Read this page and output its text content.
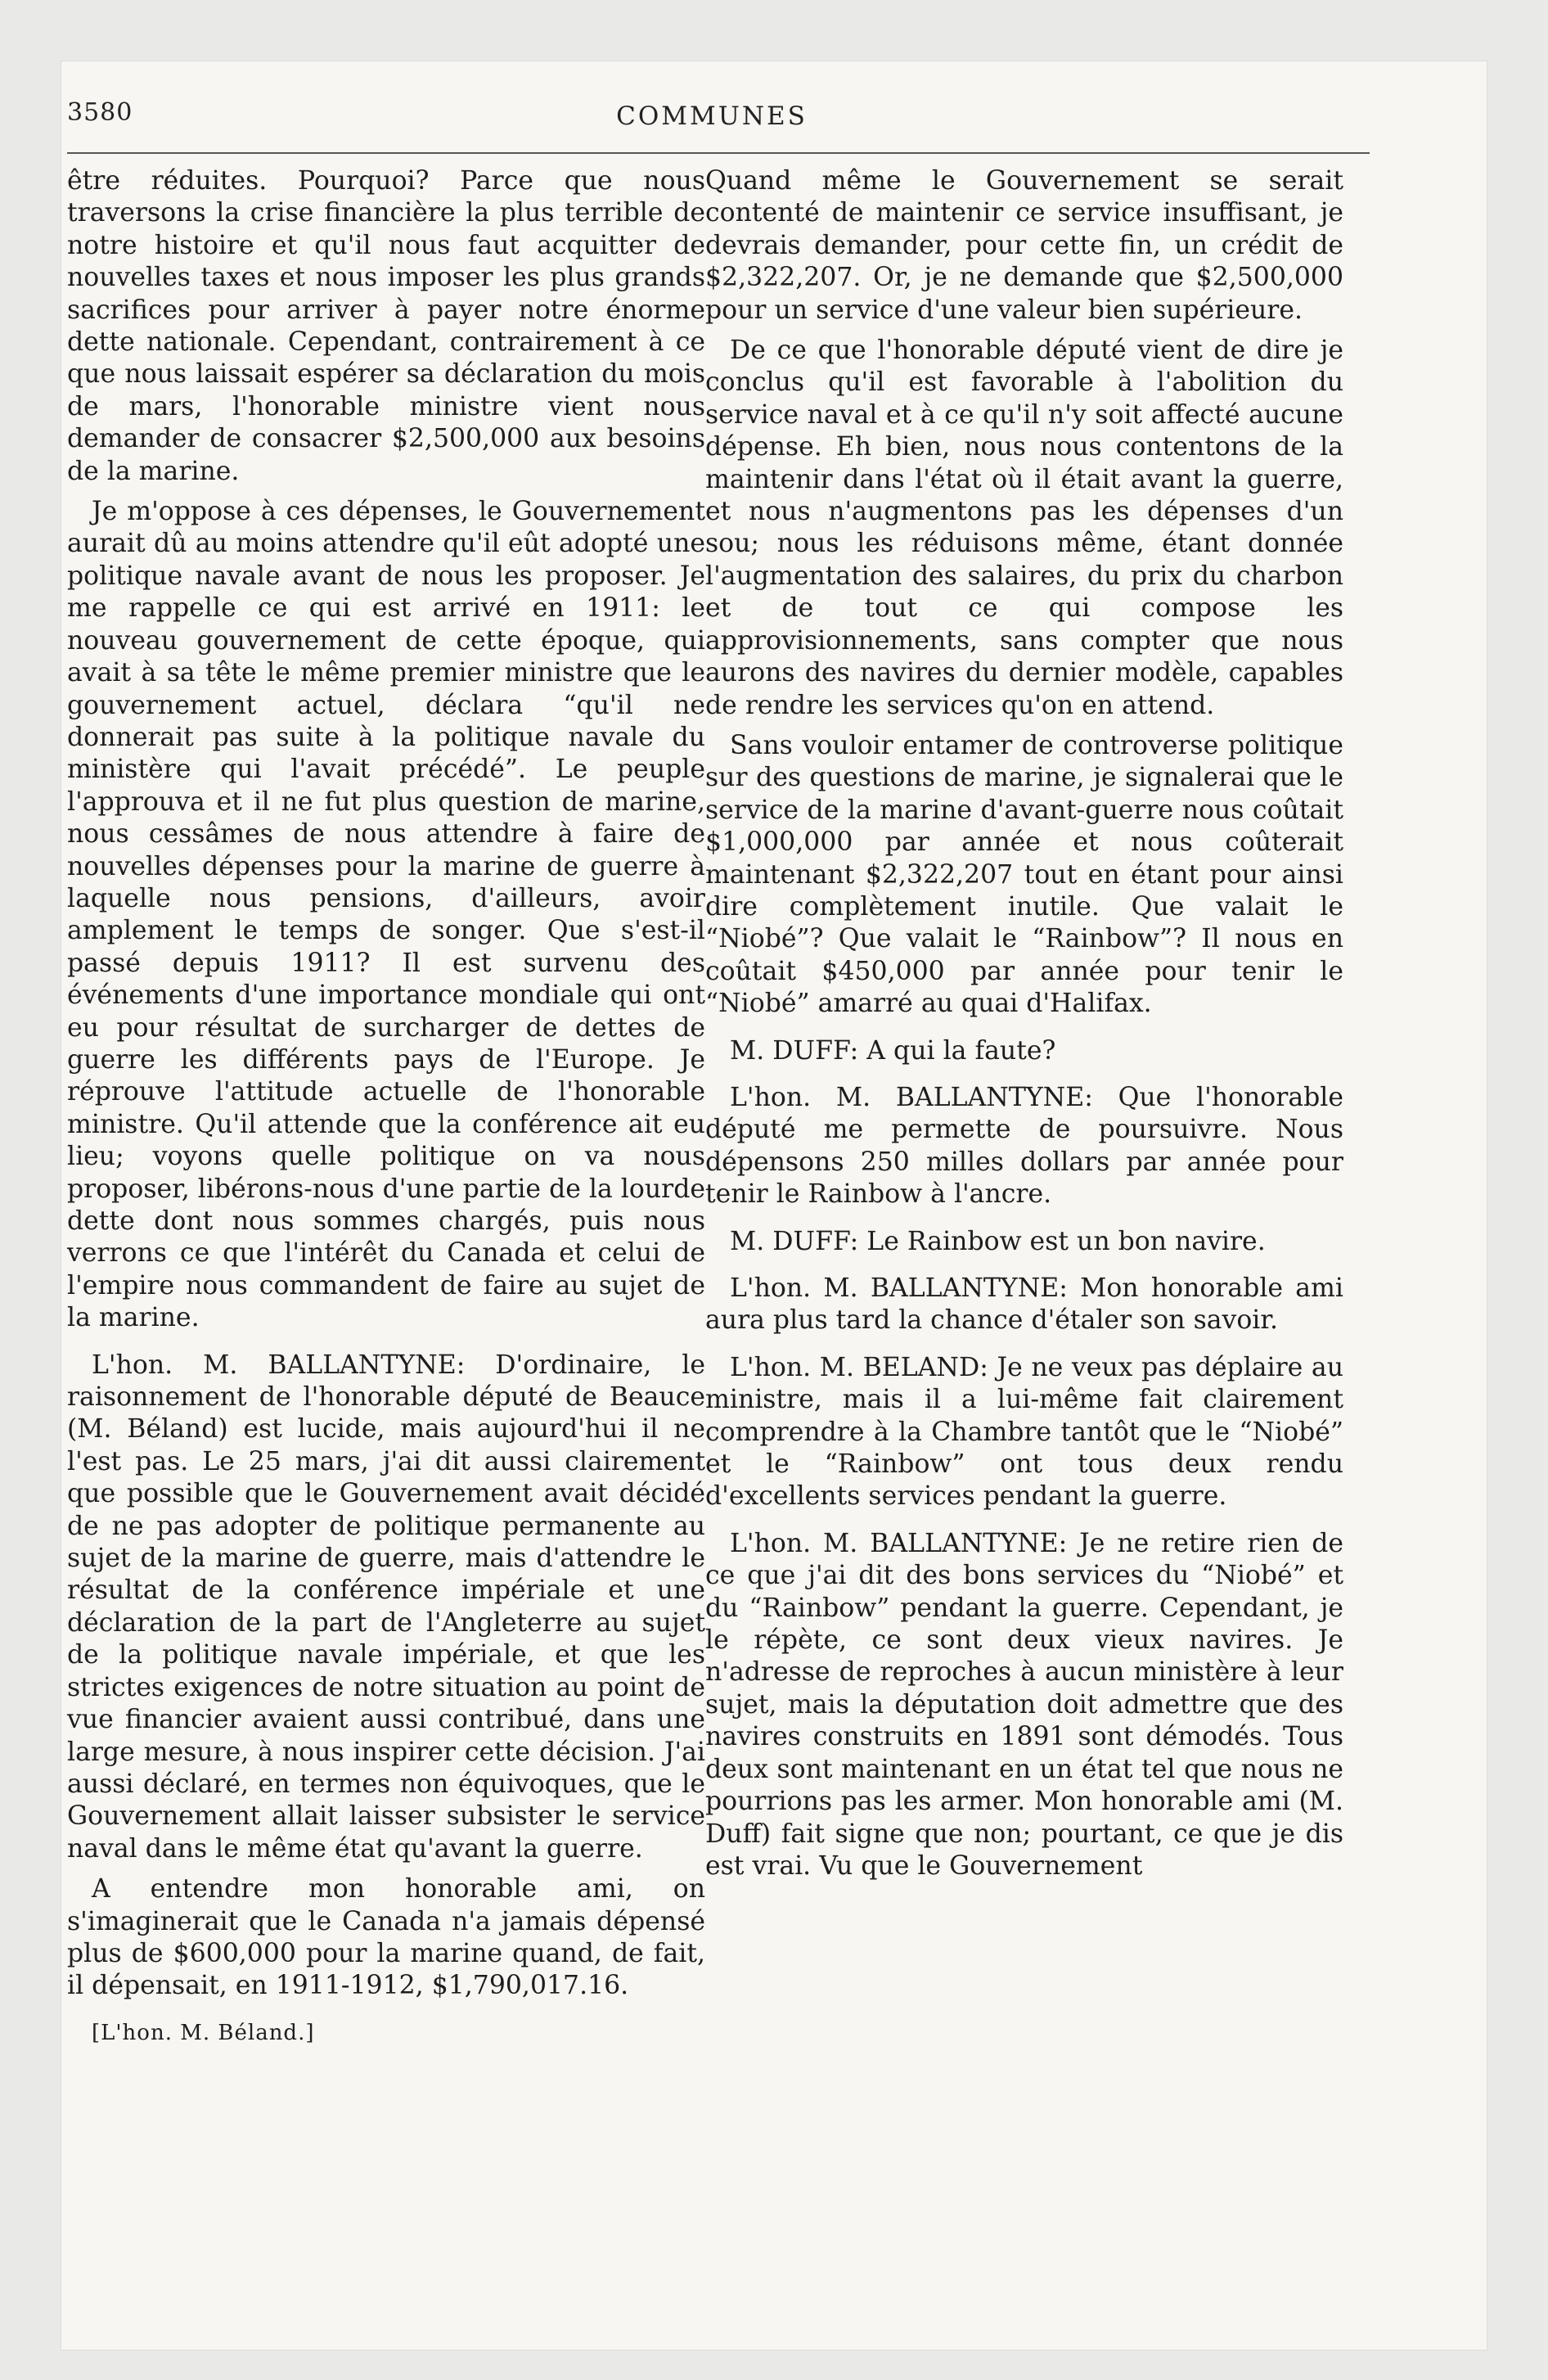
3580	COMMUNES

être réduites. Pourquoi? Parce que nous traversons la crise financière la plus terrible de notre histoire et qu'il nous faut acquitter de nouvelles taxes et nous imposer les plus grands sacrifices pour arriver à payer notre énorme dette nationale. Cependant, contrairement à ce que nous laissait espérer sa déclaration du mois de mars, l'honorable ministre vient nous demander de consacrer $2,500,000 aux besoins de la marine.

Je m'oppose à ces dépenses, le Gouvernement aurait dû au moins attendre qu'il eût adopté une politique navale avant de nous les proposer. Je me rappelle ce qui est arrivé en 1911: le nouveau gouvernement de cette époque, qui avait à sa tête le même premier ministre que le gouvernement actuel, déclara “qu'il ne donnerait pas suite à la politique navale du ministère qui l'avait précédé”. Le peuple l'approuva et il ne fut plus question de marine, nous cessâmes de nous attendre à faire de nouvelles dépenses pour la marine de guerre à laquelle nous pensions, d'ailleurs, avoir amplement le temps de songer. Que s'est-il passé depuis 1911? Il est survenu des événements d'une importance mondiale qui ont eu pour résultat de surcharger de dettes de guerre les différents pays de l'Europe. Je réprouve l'attitude actuelle de l'honorable ministre. Qu'il attende que la conférence ait eu lieu; voyons quelle politique on va nous proposer, libérons-nous d'une partie de la lourde dette dont nous sommes chargés, puis nous verrons ce que l'intérêt du Canada et celui de l'empire nous commandent de faire au sujet de la marine.

L'hon. M. BALLANTYNE: D'ordinaire, le raisonnement de l'honorable député de Beauce (M. Béland) est lucide, mais aujourd'hui il ne l'est pas. Le 25 mars, j'ai dit aussi clairement que possible que le Gouvernement avait décidé de ne pas adopter de politique permanente au sujet de la marine de guerre, mais d'attendre le résultat de la conférence impériale et une déclaration de la part de l'Angleterre au sujet de la politique navale impériale, et que les strictes exigences de notre situation au point de vue financier avaient aussi contribué, dans une large mesure, à nous inspirer cette décision. J'ai aussi déclaré, en termes non équivoques, que le Gouvernement allait laisser subsister le service naval dans le même état qu'avant la guerre.

A entendre mon honorable ami, on s'imaginerait que le Canada n'a jamais dépensé plus de $600,000 pour la marine quand, de fait, il dépensait, en 1911-1912, $1,790,017.16.

[L'hon. M. Béland.]

Quand même le Gouvernement se serait contenté de maintenir ce service insuffisant, je devrais demander, pour cette fin, un crédit de $2,322,207. Or, je ne demande que $2,500,000 pour un service d'une valeur bien supérieure.

De ce que l'honorable député vient de dire je conclus qu'il est favorable à l'abolition du service naval et à ce qu'il n'y soit affecté aucune dépense. Eh bien, nous nous contentons de la maintenir dans l'état où il était avant la guerre, et nous n'augmentons pas les dépenses d'un sou; nous les réduisons même, étant donnée l'augmentation des salaires, du prix du charbon et de tout ce qui compose les approvisionnements, sans compter que nous aurons des navires du dernier modèle, capables de rendre les services qu'on en attend.

Sans vouloir entamer de controverse politique sur des questions de marine, je signalerai que le service de la marine d'avant-guerre nous coûtait $1,000,000 par année et nous coûterait maintenant $2,322,207 tout en étant pour ainsi dire complètement inutile. Que valait le “Niobé”? Que valait le “Rainbow”? Il nous en coûtait $450,000 par année pour tenir le “Niobé” amarré au quai d'Halifax.

M. DUFF: A qui la faute?

L'hon. M. BALLANTYNE: Que l'honorable député me permette de poursuivre. Nous dépensons 250 milles dollars par année pour tenir le Rainbow à l'ancre.

M. DUFF: Le Rainbow est un bon navire.

L'hon. M. BALLANTYNE: Mon honorable ami aura plus tard la chance d'étaler son savoir.

L'hon. M. BELAND: Je ne veux pas déplaire au ministre, mais il a lui-même fait clairement comprendre à la Chambre tantôt que le “Niobé” et le “Rainbow” ont tous deux rendu d'excellents services pendant la guerre.

L'hon. M. BALLANTYNE: Je ne retire rien de ce que j'ai dit des bons services du “Niobé” et du “Rainbow” pendant la guerre. Cependant, je le répète, ce sont deux vieux navires. Je n'adresse de reproches à aucun ministère à leur sujet, mais la députation doit admettre que des navires construits en 1891 sont démodés. Tous deux sont maintenant en un état tel que nous ne pourrions pas les armer. Mon honorable ami (M. Duff) fait signe que non; pourtant, ce que je dis est vrai. Vu que le Gouvernement
